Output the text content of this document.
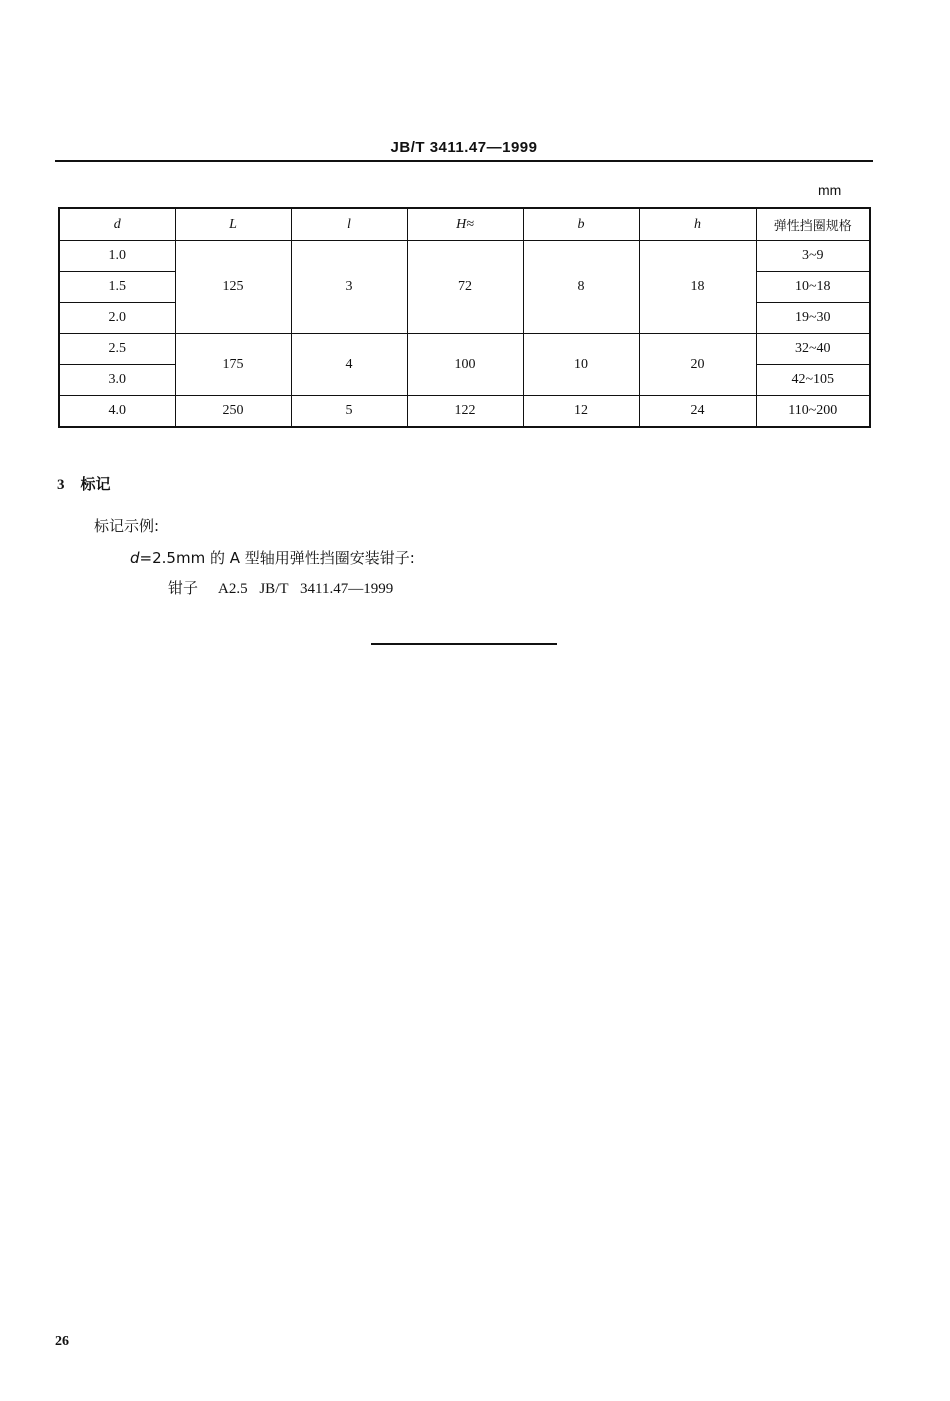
JB/T 3411.47—1999
mm
d	L	l	H≈	b	h	弹性挡圈规格
1.0	125	3	72	8	18	3~9
1.5						10~18
2.0						19~30
2.5	175	4	100	10	20	32~40
3.0						42~105
4.0	250	5	122	12	24	110~200
3 标记
标记示例:
d=2.5mm 的 A 型轴用弹性挡圈安装钳子:
钳子 A2.5 JB/T 3411.47—1999
26
